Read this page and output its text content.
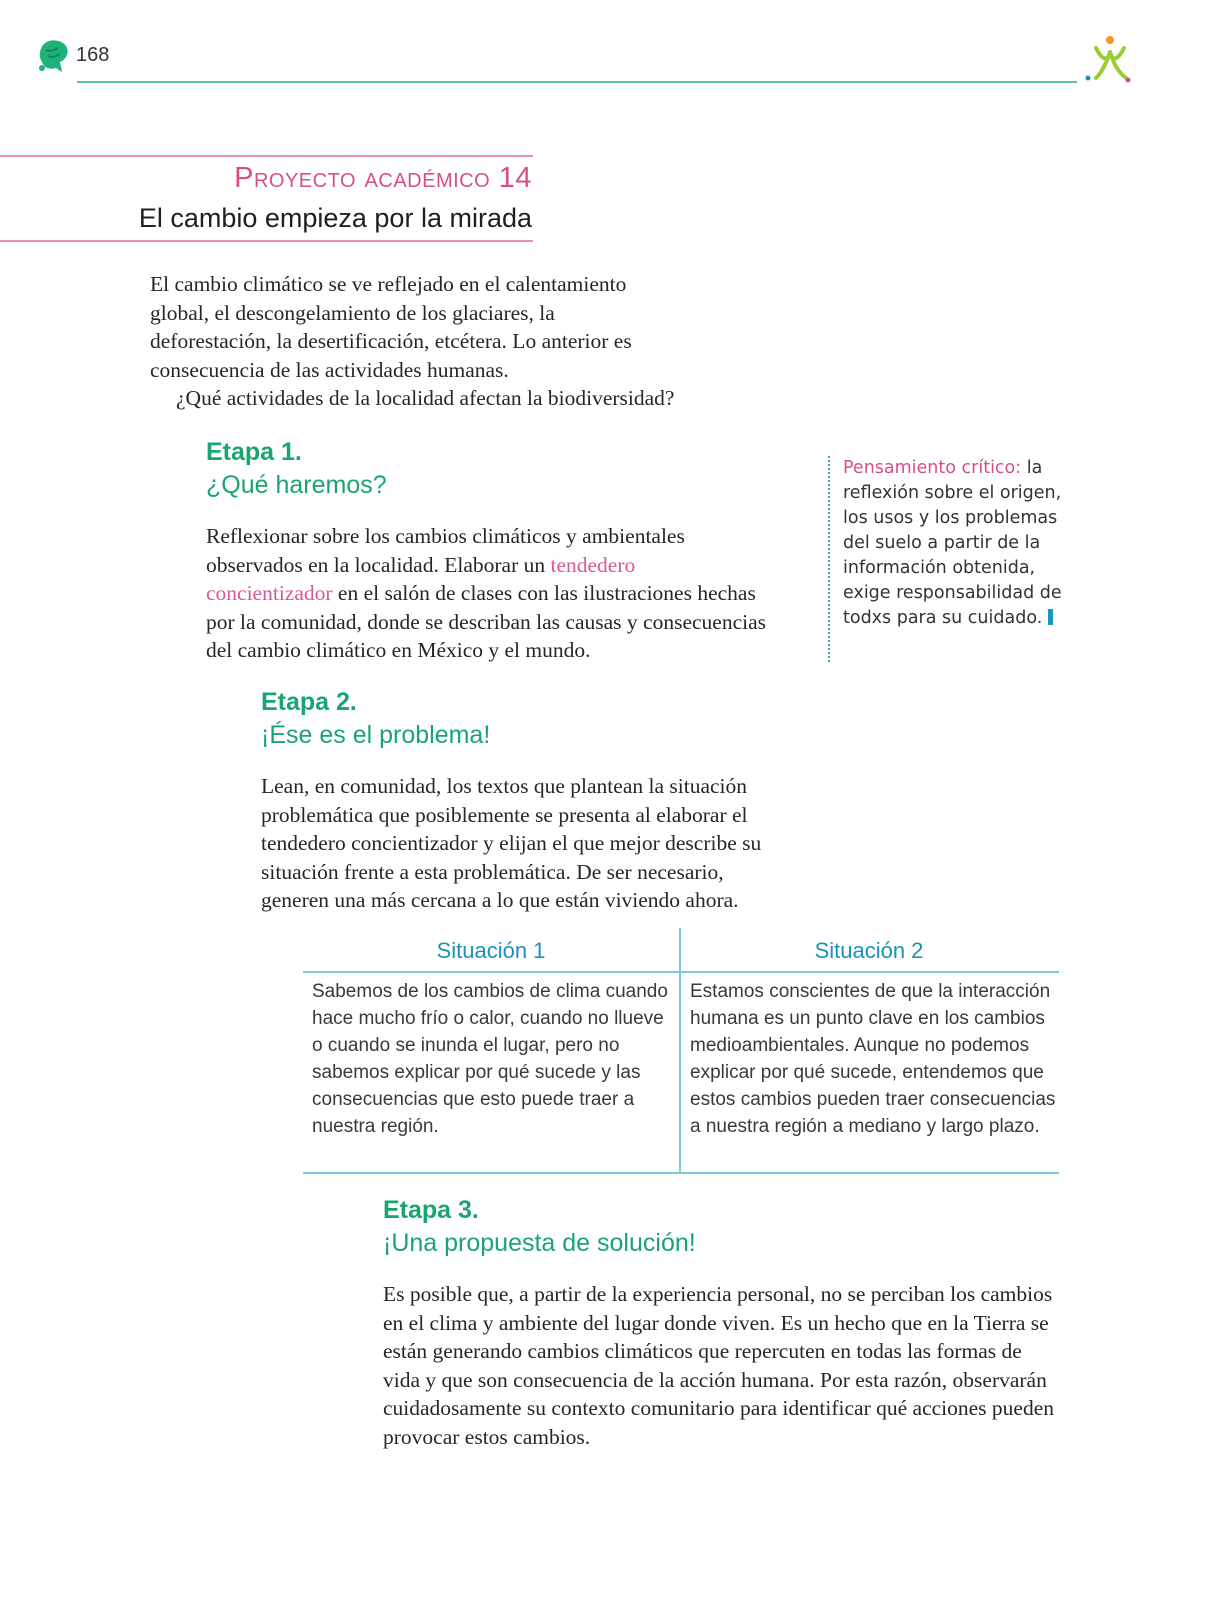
168
Proyecto académico 14
El cambio empieza por la mirada
El cambio climático se ve reflejado en el calentamiento global, el descongelamiento de los glaciares, la deforestación, la desertificación, etcétera. Lo anterior es consecuencia de las actividades humanas.
¿Qué actividades de la localidad afectan la biodiversidad?
Etapa 1.
¿Qué haremos?
Reflexionar sobre los cambios climáticos y ambientales observados en la localidad. Elaborar un tendedero concientizador en el salón de clases con las ilustraciones hechas por la comunidad, donde se describan las causas y consecuencias del cambio climático en México y el mundo.
Pensamiento crítico: la reflexión sobre el origen, los usos y los problemas del suelo a partir de la información obtenida, exige responsabilidad de todxs para su cuidado.
Etapa 2.
¡Ése es el problema!
Lean, en comunidad, los textos que plantean la situación problemática que posiblemente se presenta al elaborar el tendedero concientizador y elijan el que mejor describe su situación frente a esta problemática. De ser necesario, generen una más cercana a lo que están viviendo ahora.
Situación 1	Situación 2
Sabemos de los cambios de clima cuando hace mucho frío o calor, cuando no llueve o cuando se inunda el lugar, pero no sabemos explicar por qué sucede y las consecuencias que esto puede traer a nuestra región.
Estamos conscientes de que la interacción humana es un punto clave en los cambios medioambientales. Aunque no podemos explicar por qué sucede, entendemos que estos cambios pueden traer consecuencias a nuestra región a mediano y largo plazo.
Etapa 3.
¡Una propuesta de solución!
Es posible que, a partir de la experiencia personal, no se perciban los cambios en el clima y ambiente del lugar donde viven. Es un hecho que en la Tierra se están generando cambios climáticos que repercuten en todas las formas de vida y que son consecuencia de la acción humana. Por esta razón, observarán cuidadosamente su contexto comunitario para identificar qué acciones pueden provocar estos cambios.
